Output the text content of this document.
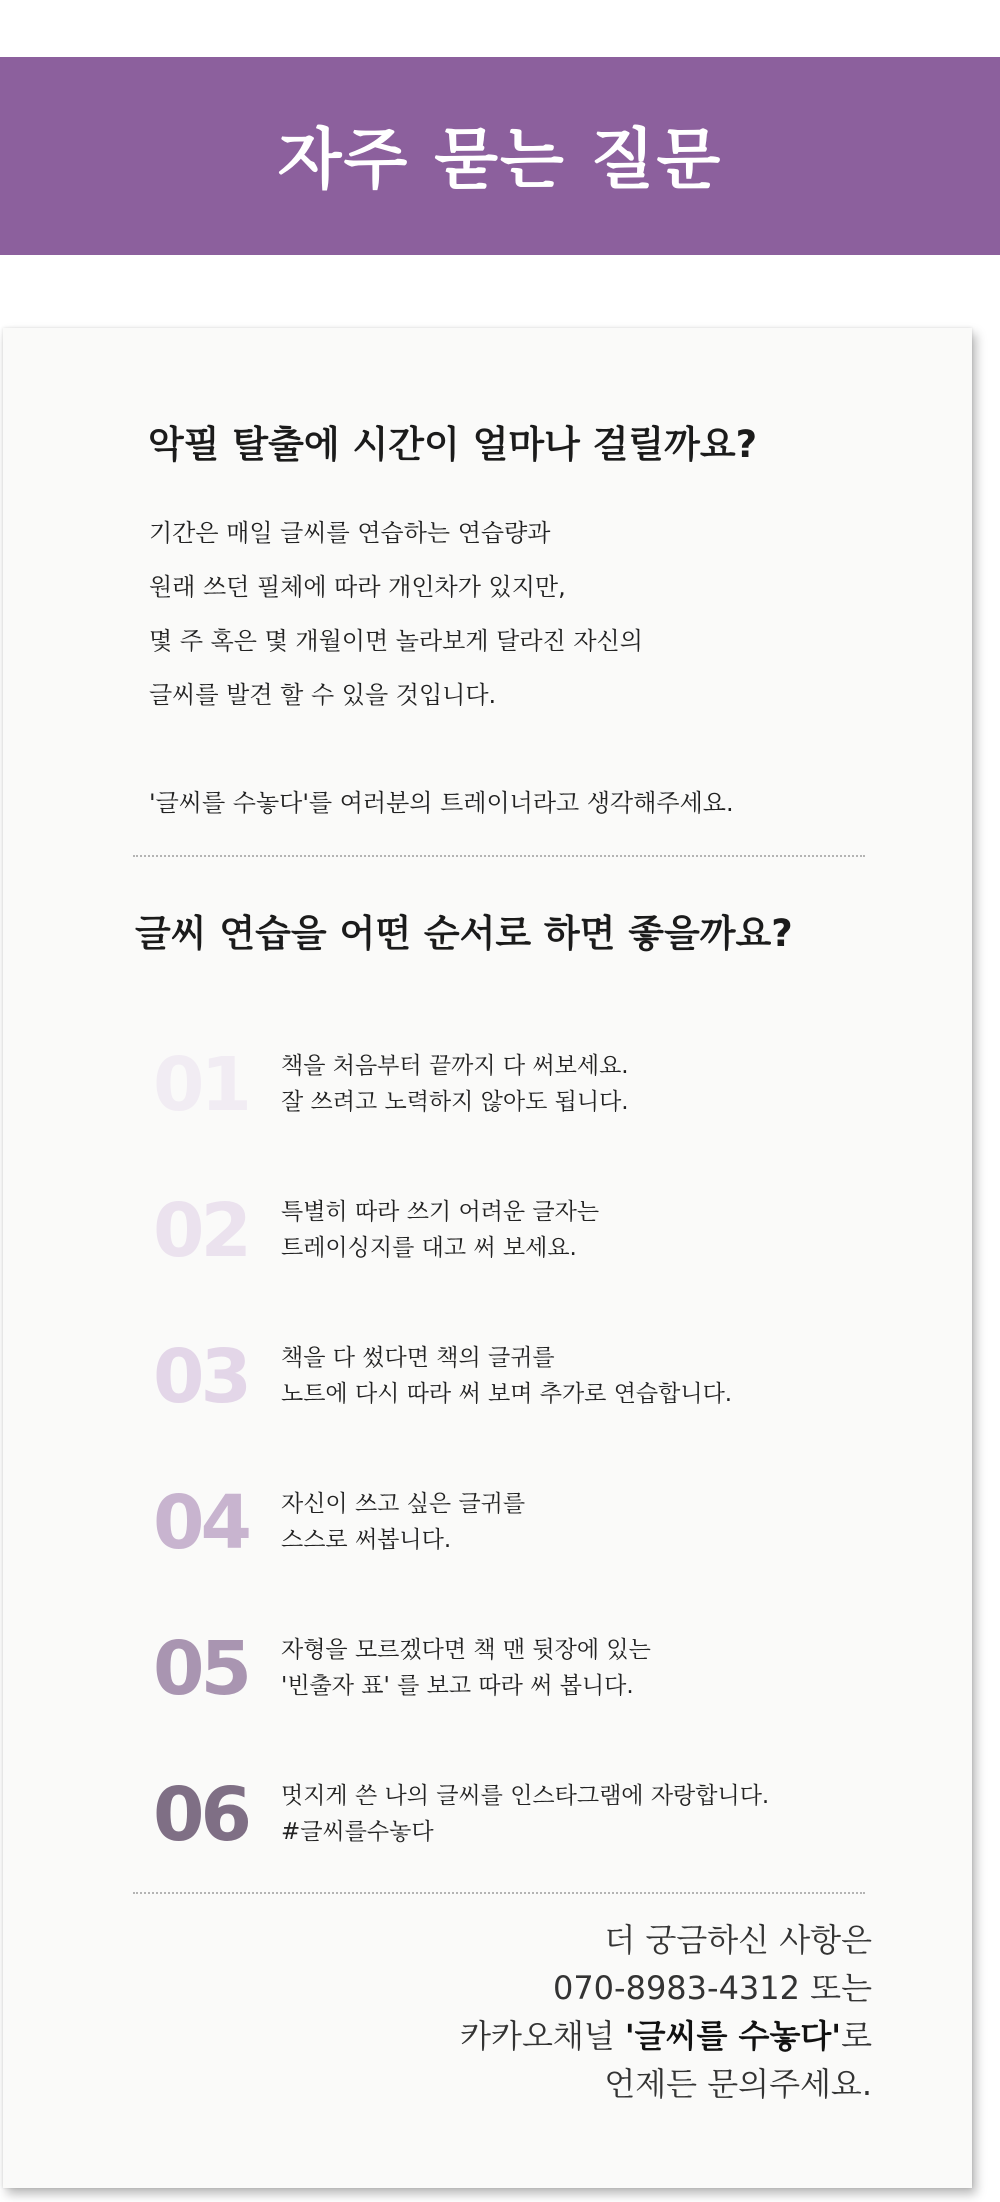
자주 묻는 질문
악필 탈출에 시간이 얼마나 걸릴까요?
기간은 매일 글씨를 연습하는 연습량과
원래 쓰던 필체에 따라 개인차가 있지만,
몇 주 혹은 몇 개월이면 놀라보게 달라진 자신의
글씨를 발견 할 수 있을 것입니다.
'글씨를 수놓다'를 여러분의 트레이너라고 생각해주세요.
글씨 연습을 어떤 순서로 하면 좋을까요?
01	책을 처음부터 끝까지 다 써보세요.
잘 쓰려고 노력하지 않아도 됩니다.
02	특별히 따라 쓰기 어려운 글자는
트레이싱지를 대고 써 보세요.
03	책을 다 썼다면 책의 글귀를
노트에 다시 따라 써 보며 추가로 연습합니다.
04	자신이 쓰고 싶은 글귀를
스스로 써봅니다.
05	자형을 모르겠다면 책 맨 뒷장에 있는
'빈출자 표' 를 보고 따라 써 봅니다.
06	멋지게 쓴 나의 글씨를 인스타그램에 자랑합니다.
#글씨를수놓다
더 궁금하신 사항은
070-8983-4312 또는
카카오채널 '글씨를 수놓다'로
언제든 문의주세요.
